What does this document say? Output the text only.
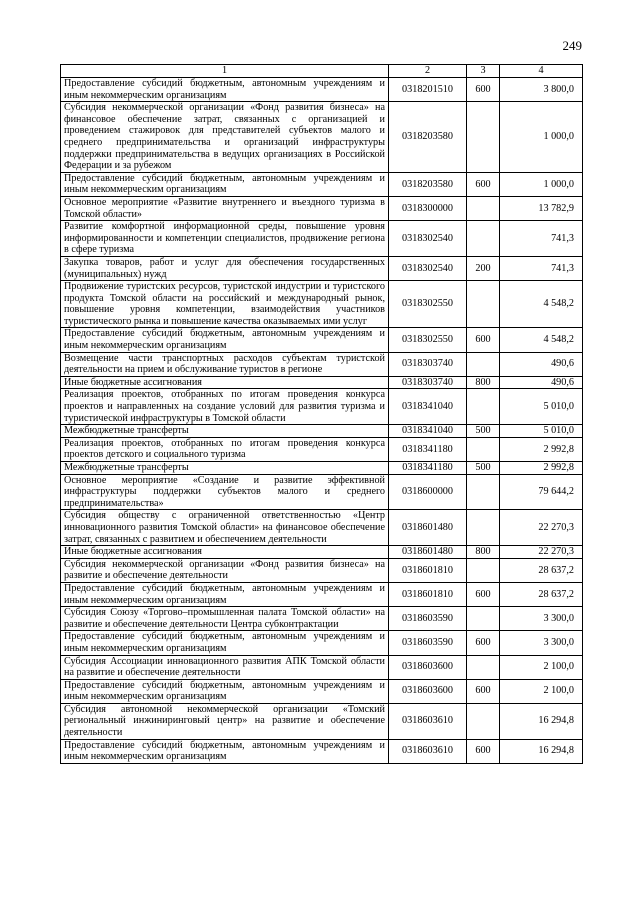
249
1	2	3	4
Предоставление субсидий бюджетным, автономным учреждениям и иным некоммерческим организациям	0318201510	600	3 800,0
Субсидия некоммерческой организации «Фонд развития бизнеса» на финансовое обеспечение затрат, связанных с организацией и проведением стажировок для представителей субъектов малого и среднего предпринимательства и организаций инфраструктуры поддержки предпринимательства в ведущих организациях в Российской Федерации и за рубежом	0318203580		1 000,0
Предоставление субсидий бюджетным, автономным учреждениям и иным некоммерческим организациям	0318203580	600	1 000,0
Основное мероприятие «Развитие внутреннего и въездного туризма в Томской области»	0318300000		13 782,9
Развитие комфортной информационной среды, повышение уровня информированности и компетенции специалистов, продвижение региона в сфере туризма	0318302540		741,3
Закупка товаров, работ и услуг для обеспечения государственных (муниципальных) нужд	0318302540	200	741,3
Продвижение туристских ресурсов, туристской индустрии и туристского продукта Томской области на российский и международный рынок, повышение уровня компетенции, взаимодействия участников туристического рынка и повышение качества оказываемых ими услуг	0318302550		4 548,2
Предоставление субсидий бюджетным, автономным учреждениям и иным некоммерческим организациям	0318302550	600	4 548,2
Возмещение части транспортных расходов субъектам туристской деятельности на прием и обслуживание туристов в регионе	0318303740		490,6
Иные бюджетные ассигнования	0318303740	800	490,6
Реализация проектов, отобранных по итогам проведения конкурса проектов и направленных на создание условий для развития туризма и туристической инфраструктуры в Томской области	0318341040		5 010,0
Межбюджетные трансферты	0318341040	500	5 010,0
Реализация проектов, отобранных по итогам проведения конкурса проектов детского и социального туризма	0318341180		2 992,8
Межбюджетные трансферты	0318341180	500	2 992,8
Основное мероприятие «Создание и развитие эффективной инфраструктуры поддержки субъектов малого и среднего предпринимательства»	0318600000		79 644,2
Субсидия обществу с ограниченной ответственностью «Центр инновационного развития Томской области» на финансовое обеспечение затрат, связанных с развитием и обеспечением деятельности	0318601480		22 270,3
Иные бюджетные ассигнования	0318601480	800	22 270,3
Субсидия некоммерческой организации «Фонд развития бизнеса» на развитие и обеспечение деятельности	0318601810		28 637,2
Предоставление субсидий бюджетным, автономным учреждениям и иным некоммерческим организациям	0318601810	600	28 637,2
Субсидия Союзу «Торгово–промышленная палата Томской области» на развитие и обеспечение деятельности Центра субконтрактации	0318603590		3 300,0
Предоставление субсидий бюджетным, автономным учреждениям и иным некоммерческим организациям	0318603590	600	3 300,0
Субсидия Ассоциации инновационного развития АПК Томской области на развитие и обеспечение деятельности	0318603600		2 100,0
Предоставление субсидий бюджетным, автономным учреждениям и иным некоммерческим организациям	0318603600	600	2 100,0
Субсидия автономной некоммерческой организации «Томский региональный инжиниринговый центр» на развитие и обеспечение деятельности	0318603610		16 294,8
Предоставление субсидий бюджетным, автономным учреждениям и иным некоммерческим организациям	0318603610	600	16 294,8
